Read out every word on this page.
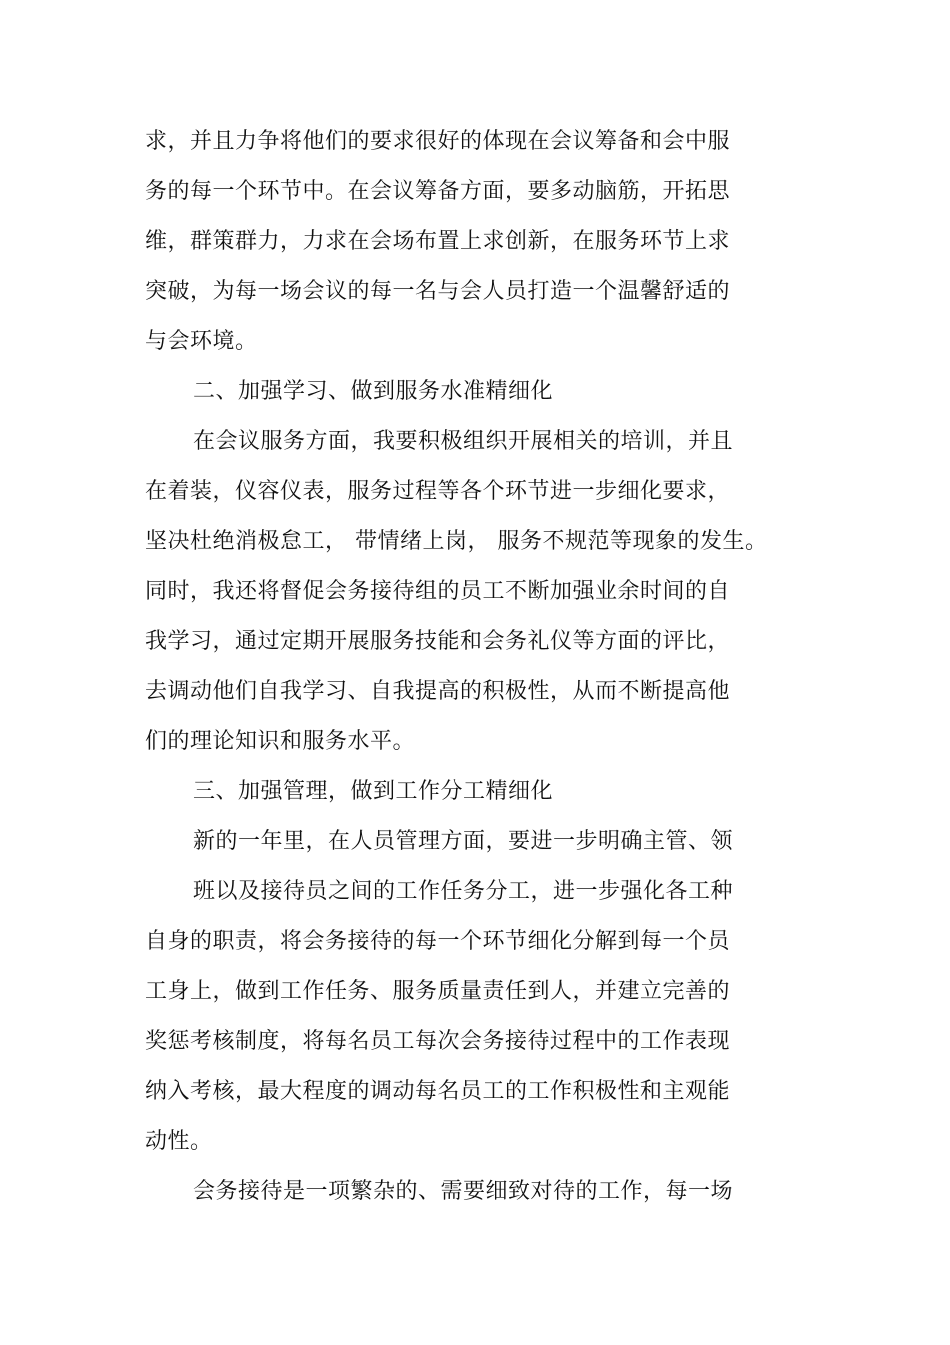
求，并且力争将他们的要求很好的体现在会议筹备和会中服
务的每一个环节中。在会议筹备方面，要多动脑筋，开拓思
维，群策群力，力求在会场布置上求创新，在服务环节上求
突破，为每一场会议的每一名与会人员打造一个温馨舒适的
与会环境。
二、加强学习、做到服务水准精细化
在会议服务方面，我要积极组织开展相关的培训，并且
在着装，仪容仪表，服务过程等各个环节进一步细化要求，
坚决杜绝消极怠工， 带情绪上岗， 服务不规范等现象的发生。
同时，我还将督促会务接待组的员工不断加强业余时间的自
我学习，通过定期开展服务技能和会务礼仪等方面的评比，
去调动他们自我学习、自我提高的积极性，从而不断提高他
们的理论知识和服务水平。
三、加强管理，做到工作分工精细化
新的一年里，在人员管理方面，要进一步明确主管、领
班以及接待员之间的工作任务分工，进一步强化各工种
自身的职责，将会务接待的每一个环节细化分解到每一个员
工身上，做到工作任务、服务质量责任到人，并建立完善的
奖惩考核制度，将每名员工每次会务接待过程中的工作表现
纳入考核，最大程度的调动每名员工的工作积极性和主观能
动性。
会务接待是一项繁杂的、需要细致对待的工作，每一场
